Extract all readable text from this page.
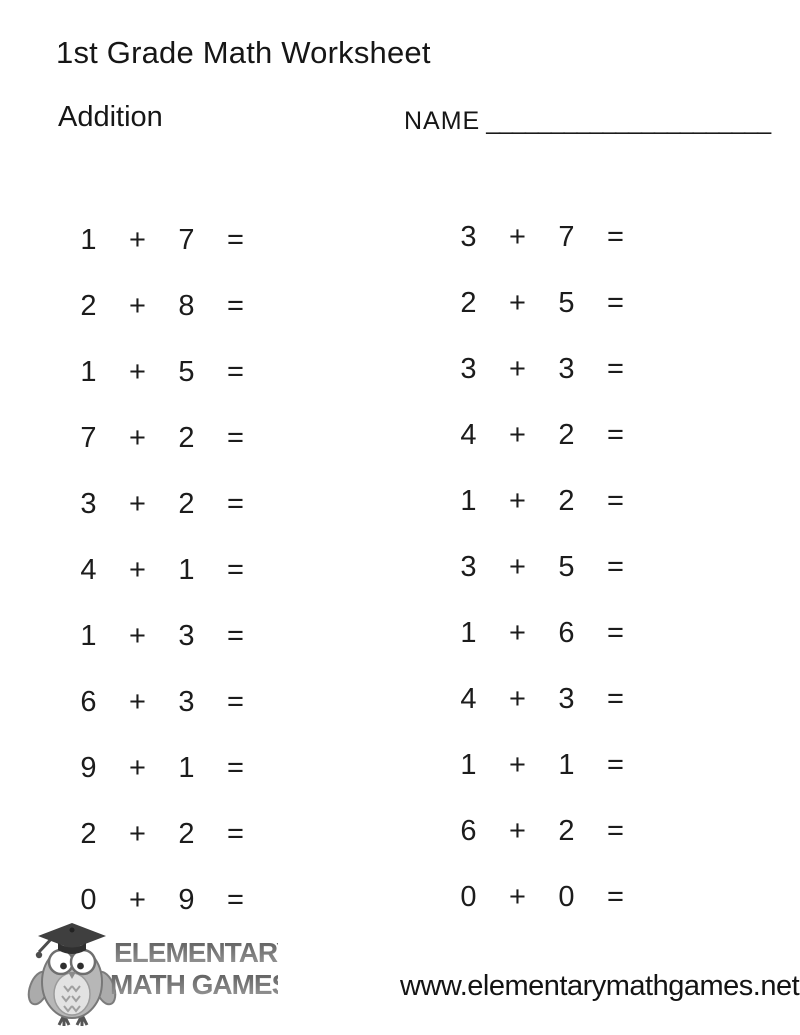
1st Grade Math Worksheet
Addition	NAME ______________________
1	+	7	=
2	+	8	=
1	+	5	=
7	+	2	=
3	+	2	=
4	+	1	=
1	+	3	=
6	+	3	=
9	+	1	=
2	+	2	=
0	+	9	=
3	+	7	=
2	+	5	=
3	+	3	=
4	+	2	=
1	+	2	=
3	+	5	=
1	+	6	=
4	+	3	=
1	+	1	=
6	+	2	=
0	+	0	=
ELEMENTARY
MATH GAMES	www.elementarymathgames.net
